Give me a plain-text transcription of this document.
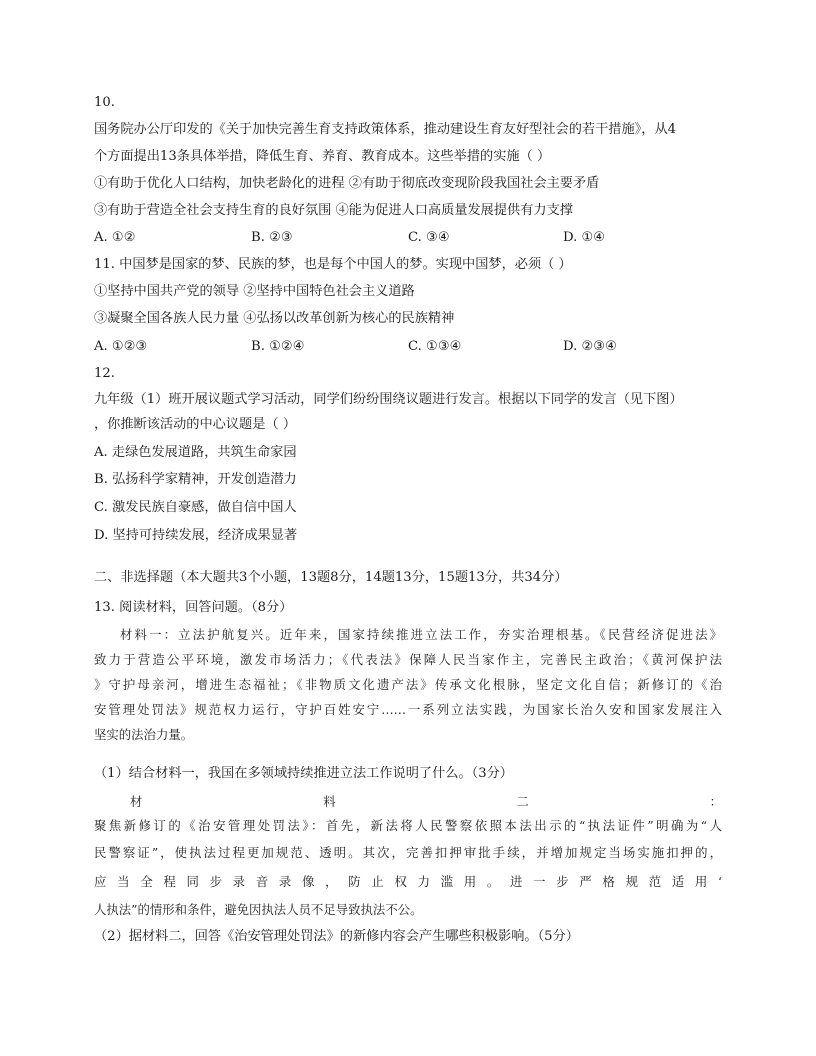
10.
国务院办公厅印发的《关于加快完善生育支持政策体系，推动建设生育友好型社会的若干措施》，从4
个方面提出13条具体举措，降低生育、养育、教育成本。这些举措的实施（ ）
①有助于优化人口结构，加快老龄化的进程 ②有助于彻底改变现阶段我国社会主要矛盾
③有助于营造全社会支持生育的良好氛围 ④能为促进人口高质量发展提供有力支撑
A. ①②	B. ②③	C. ③④	D. ①④
11. 中国梦是国家的梦、民族的梦，也是每个中国人的梦。实现中国梦，必须（ ）
①坚持中国共产党的领导 ②坚持中国特色社会主义道路
③凝聚全国各族人民力量 ④弘扬以改革创新为核心的民族精神
A. ①②③	B. ①②④	C. ①③④	D. ②③④
12.
九年级（1）班开展议题式学习活动，同学们纷纷围绕议题进行发言。根据以下同学的发言（见下图）
，你推断该活动的中心议题是（ ）
A. 走绿色发展道路，共筑生命家园
B. 弘扬科学家精神，开发创造潜力
C. 激发民族自豪感，做自信中国人
D. 坚持可持续发展，经济成果显著
二、非选择题（本大题共3个小题，13题8分，14题13分，15题13分，共34分）
13. 阅读材料，回答问题。（8分）
材料一：立法护航复兴。近年来，国家持续推进立法工作，夯实治理根基。《民营经济促进法》
致力于营造公平环境，激发市场活力；《代表法》保障人民当家作主，完善民主政治；《黄河保护法
》守护母亲河，增进生态福祉；《非物质文化遗产法》传承文化根脉，坚定文化自信；新修订的《治
安管理处罚法》规范权力运行，守护百姓安宁……一系列立法实践，为国家长治久安和国家发展注入
坚实的法治力量。
（1）结合材料一，我国在多领域持续推进立法工作说明了什么。（3分）
材	料	二	：
聚焦新修订的《治安管理处罚法》：首先，新法将人民警察依照本法出示的“执法证件”明确为“人
民警察证”，使执法过程更加规范、透明。其次，完善扣押审批手续，并增加规定当场实施扣押的，
应当全程同步录音录像，防止权力滥用。进一步严格规范适用‘
人执法”的情形和条件，避免因执法人员不足导致执法不公。
（2）据材料二，回答《治安管理处罚法》的新修内容会产生哪些积极影响。（5分）
